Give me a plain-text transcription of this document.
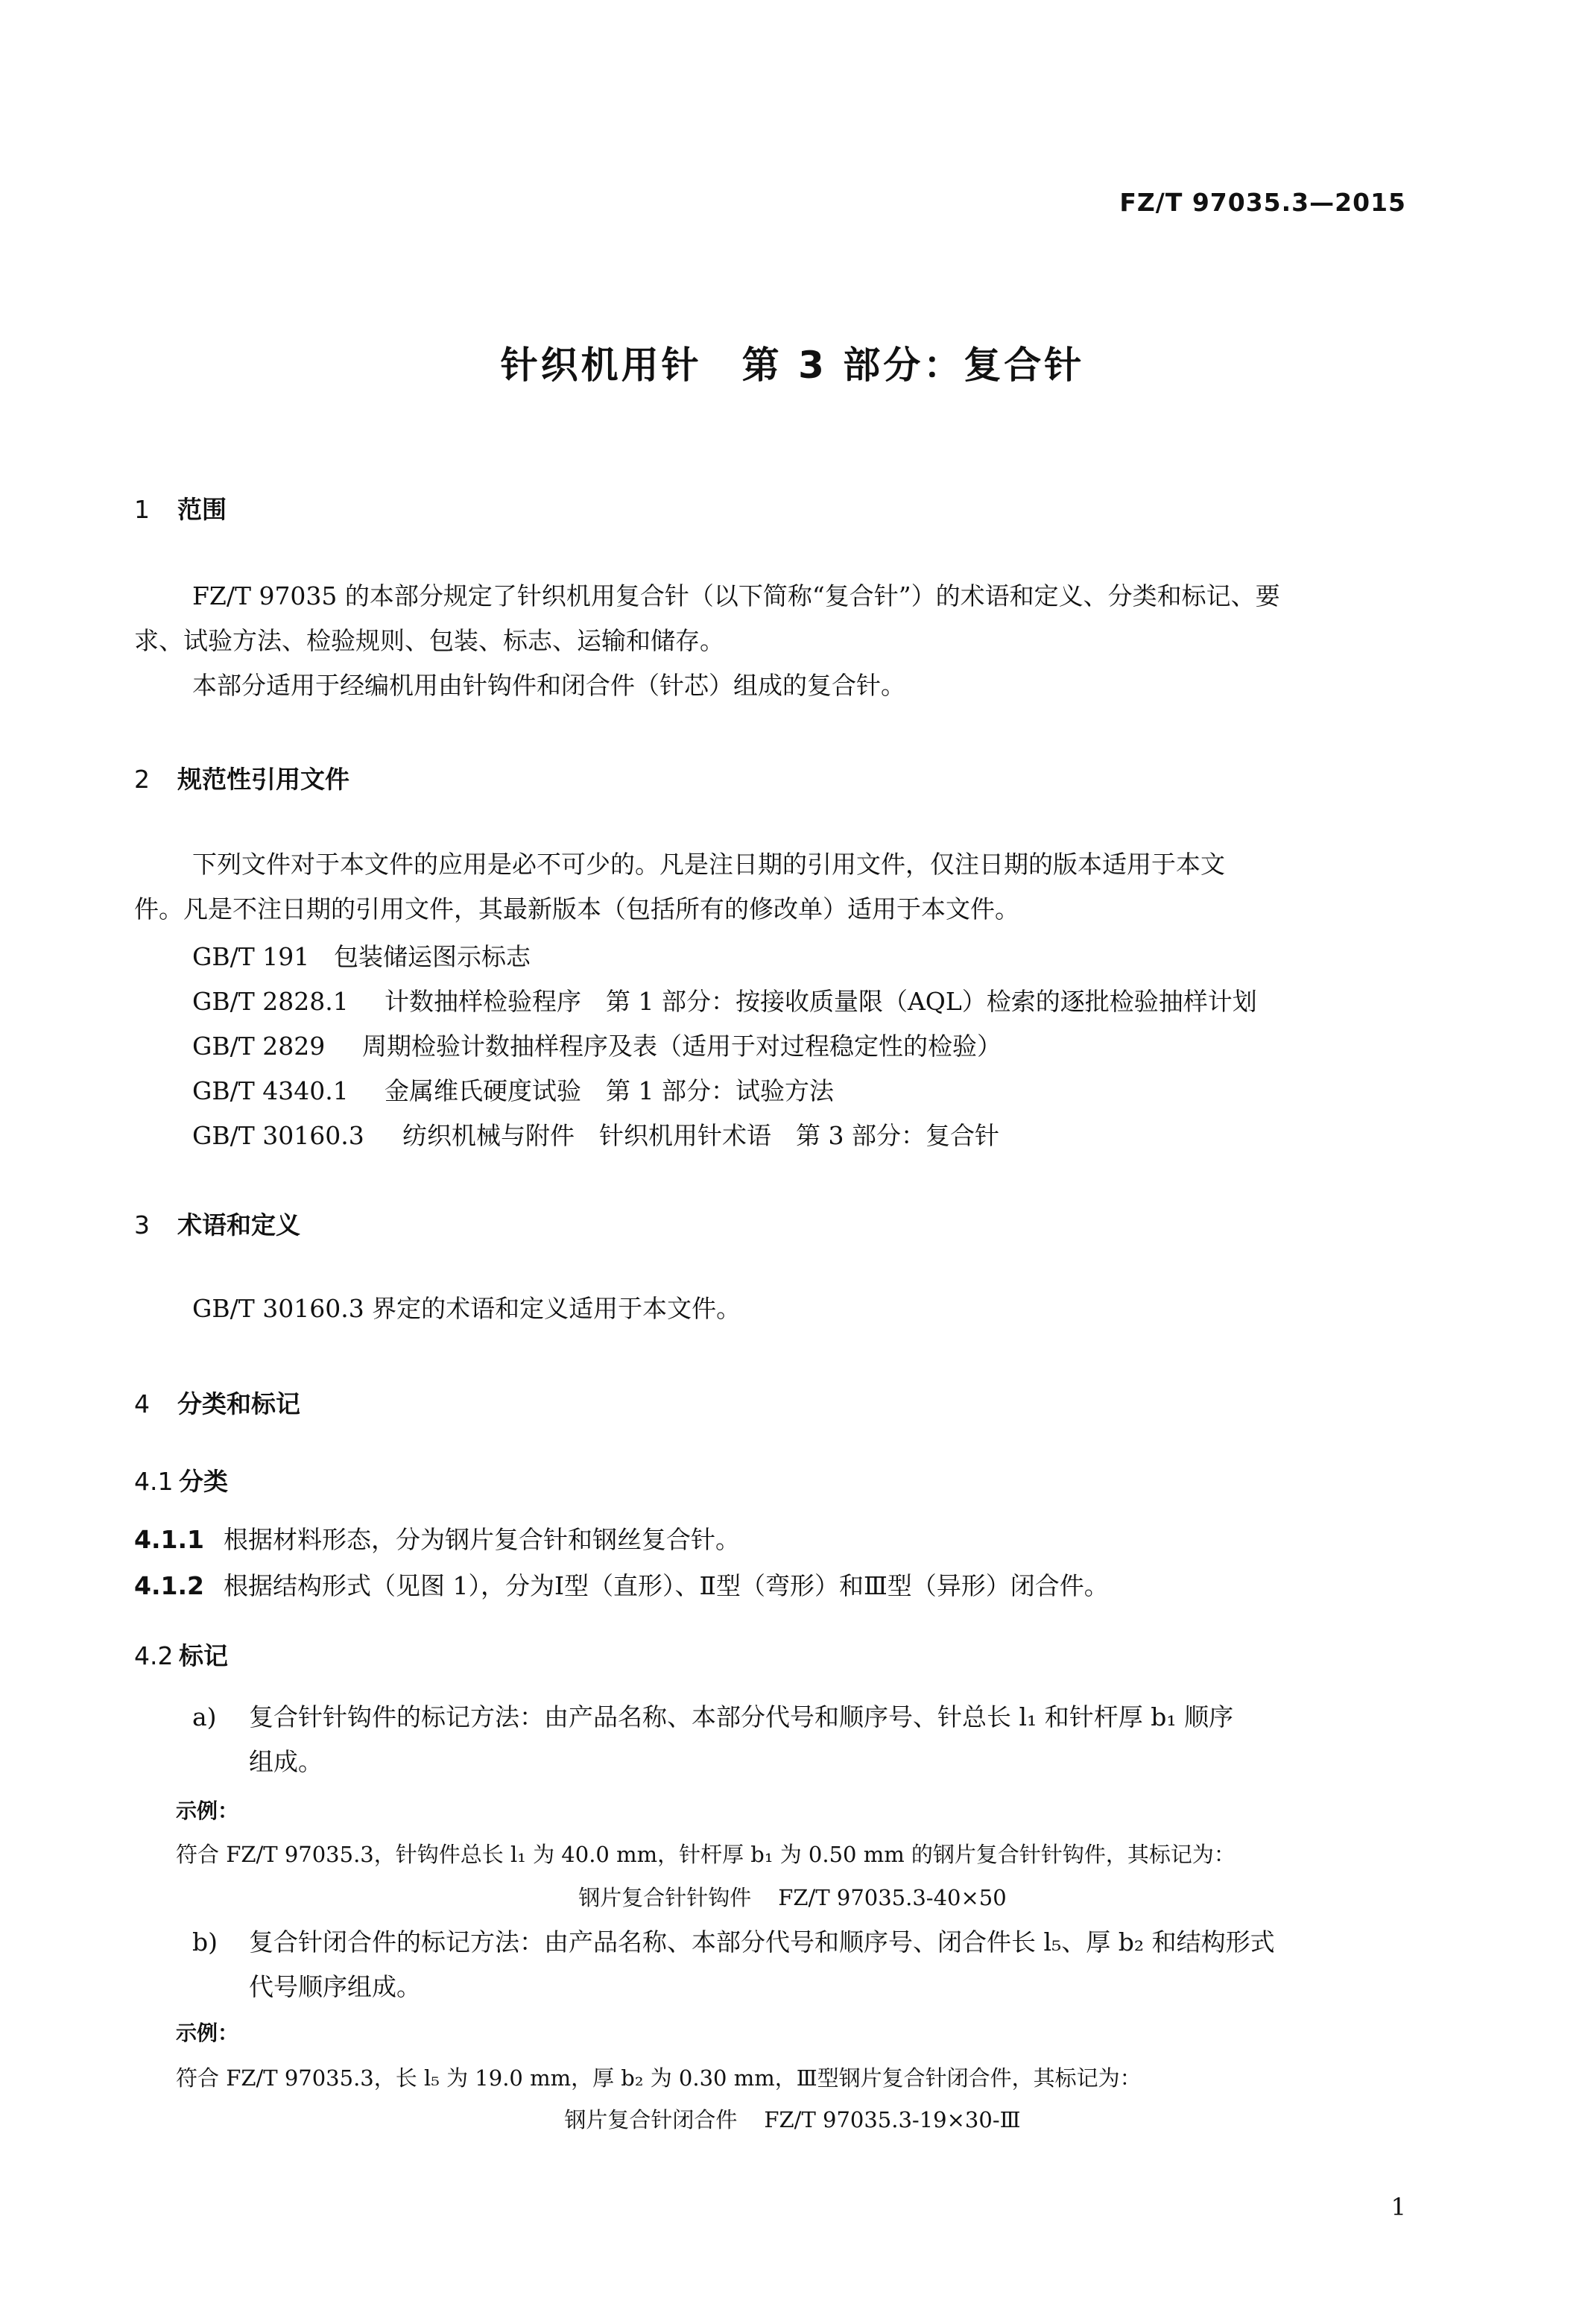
FZ/T 97035.3—2015
针织机用针　第 3 部分：复合针
1 范围
FZ/T 97035 的本部分规定了针织机用复合针（以下简称“复合针”）的术语和定义、分类和标记、要
求、试验方法、检验规则、包装、标志、运输和储存。
本部分适用于经编机用由针钩件和闭合件（针芯）组成的复合针。
2 规范性引用文件
下列文件对于本文件的应用是必不可少的。凡是注日期的引用文件，仅注日期的版本适用于本文
件。凡是不注日期的引用文件，其最新版本（包括所有的修改单）适用于本文件。
GB/T 191 包装储运图示标志
GB/T 2828.1 计数抽样检验程序　第 1 部分：按接收质量限（AQL）检索的逐批检验抽样计划
GB/T 2829 周期检验计数抽样程序及表（适用于对过程稳定性的检验）
GB/T 4340.1 金属维氏硬度试验　第 1 部分：试验方法
GB/T 30160.3 纺织机械与附件　针织机用针术语　第 3 部分：复合针
3 术语和定义
GB/T 30160.3 界定的术语和定义适用于本文件。
4 分类和标记
4.1 分类
4.1.1 根据材料形态，分为钢片复合针和钢丝复合针。
4.1.2 根据结构形式（见图 1），分为Ⅰ型（直形）、Ⅱ型（弯形）和Ⅲ型（异形）闭合件。
4.2 标记
a) 复合针针钩件的标记方法：由产品名称、本部分代号和顺序号、针总长 l₁ 和针杆厚 b₁ 顺序
组成。
示例：
符合 FZ/T 97035.3，针钩件总长 l₁ 为 40.0 mm，针杆厚 b₁ 为 0.50 mm 的钢片复合针针钩件，其标记为：
钢片复合针针钩件 FZ/T 97035.3-40×50
b) 复合针闭合件的标记方法：由产品名称、本部分代号和顺序号、闭合件长 l₅、厚 b₂ 和结构形式
代号顺序组成。
示例：
符合 FZ/T 97035.3，长 l₅ 为 19.0 mm，厚 b₂ 为 0.30 mm，Ⅲ型钢片复合针闭合件，其标记为：
钢片复合针闭合件 FZ/T 97035.3-19×30-Ⅲ
1
